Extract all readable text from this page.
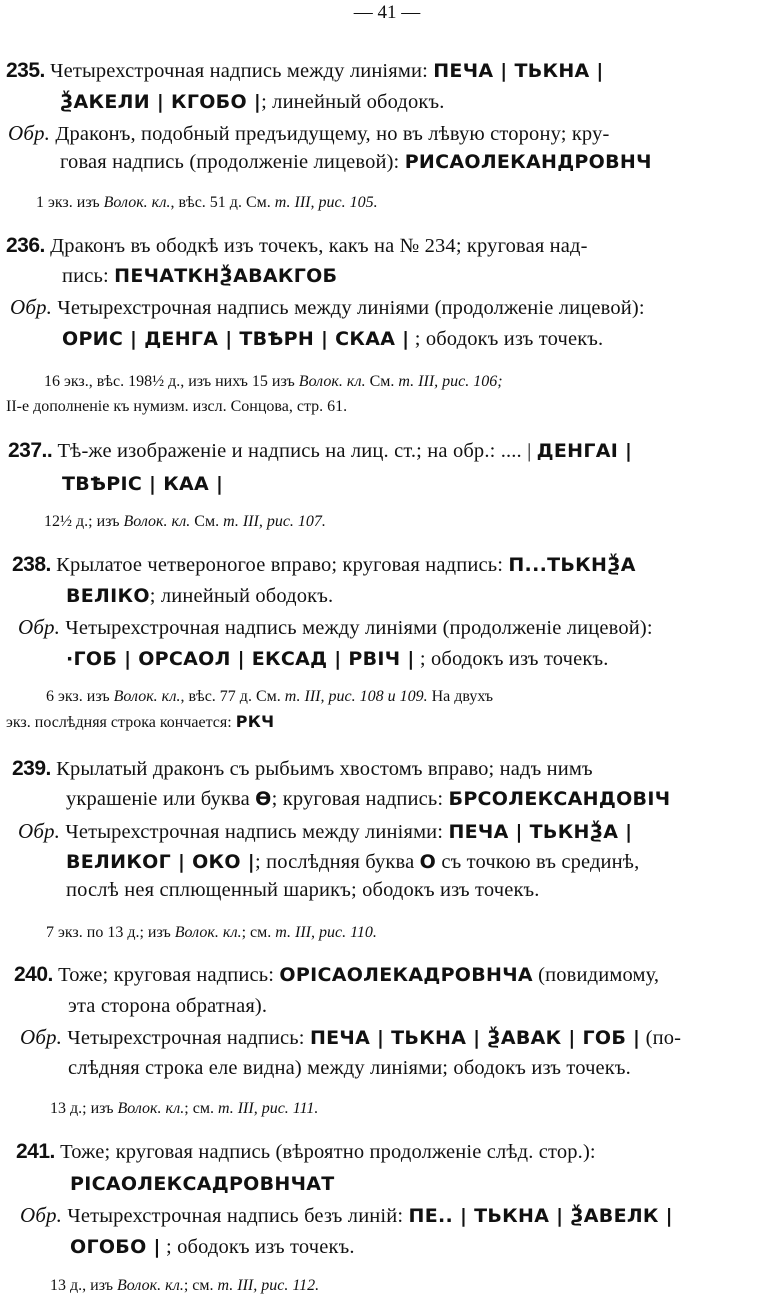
— 41 —
235. Четырехстрочная надпись между линіями: ПЕЧА | ТЬКНА |
ѮАКЕЛИ | КГОБО |; линейный ободокъ.
Обр. Драконъ, подобный предъидущему, но въ лѣвую сторону; кру-
говая надпись (продолженіе лицевой): РИСАОЛЕКАНДРОВНЧ
1 экз. изъ Волок. кл., вѣс. 51 д. См. т. III, рис. 105.
236. Драконъ въ ободкѣ изъ точекъ, какъ на № 234; круговая над-
пись: ПЕЧАТКНѮАВАКГОБ
Обр. Четырехстрочная надпись между линіями (продолженіе лицевой):
ОРИС | ДЕНГА | ТВѢРН | СКАА | ; ободокъ изъ точекъ.
16 экз., вѣс. 198½ д., изъ нихъ 15 изъ Волок. кл. См. т. III, рис. 106;
II-е дополненіе къ нумизм. изсл. Сонцова, стр. 61.
237.. Тѣ-же изображеніе и надпись на лиц. ст.; на обр.: .... | ДЕНГАІ |
ТВѢРІС | КАА |
12½ д.; изъ Волок. кл. См. т. III, рис. 107.
238. Крылатое четвероногое вправо; круговая надпись: П...ТЬКНѮА
ВЕЛІКО; линейный ободокъ.
Обр. Четырехстрочная надпись между линіями (продолженіе лицевой):
·ГОБ | ОРСАОЛ | ЕКСАД | РВІЧ | ; ободокъ изъ точекъ.
6 экз. изъ Волок. кл., вѣс. 77 д. См. т. III, рис. 108 и 109. На двухъ
экз. послѣдняя строка кончается: РКЧ
239. Крылатый драконъ съ рыбьимъ хвостомъ вправо; надъ нимъ
украшеніе или буква Ѳ; круговая надпись: БРСОЛЕКСАНДОВІЧ
Обр. Четырехстрочная надпись между линіями: ПЕЧА | ТЬКНѮА |
ВЕЛИКОГ | ОКО |; послѣдняя буква О съ точкою въ срединѣ,
послѣ нея сплющенный шарикъ; ободокъ изъ точекъ.
7 экз. по 13 д.; изъ Волок. кл.; см. т. III, рис. 110.
240. Тоже; круговая надпись: ОРІСАОЛЕКАДРОВНЧА (повидимому,
эта сторона обратная).
Обр. Четырехстрочная надпись: ПЕЧА | ТЬКНА | ѮАВАК | ГОБ | (по-
слѣдняя строка еле видна) между линіями; ободокъ изъ точекъ.
13 д.; изъ Волок. кл.; см. т. III, рис. 111.
241. Тоже; круговая надпись (вѣроятно продолженіе слѣд. стор.):
РІСАОЛЕКСАДРОВНЧАТ
Обр. Четырехстрочная надпись безъ линій: ПЕ.. | ТЬКНА | ѮАВЕЛК |
ОГОБО | ; ободокъ изъ точекъ.
13 д., изъ Волок. кл.; см. т. III, рис. 112.
